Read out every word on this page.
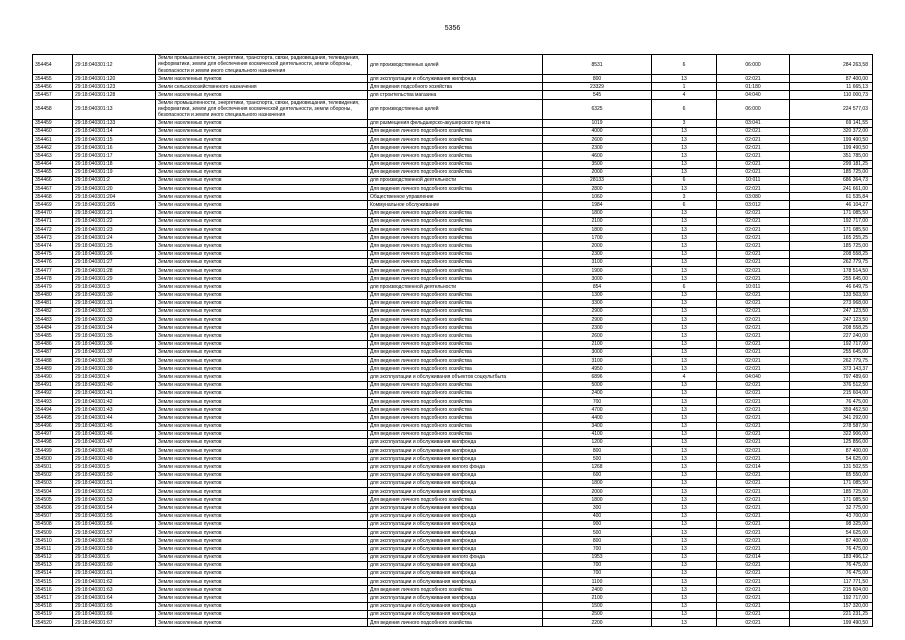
5356
354454	29:18:040301:12	Земли промышленности, энергетики, транспорта, связи, радиовещания, телевидения, информатики, земли для обеспечения космической деятельности, земли обороны, безопасности и земли иного специального назначения	для производственных целей	8531	6	06:000	284 263,58
354455	29:18:040301:120	Земли населенных пунктов	для эксплуатации и обслуживания жилфонда	800	13	02:021	87 400,00
354456	29:18:040301:123	Земли сельскохозяйственного назначения	Для ведения подсобного хозяйства	23329	1	01:180	11 665,13
354457	29:18:040301:128	Земли населенных пунктов	для строительства магазина	545	4	04:040	110 000,73
354458	29:18:040301:13	Земли промышленности, энергетики, транспорта, связи, радиовещания, телевидения, информатики, земли для обеспечения космической деятельности, земли обороны, безопасности и земли иного специального назначения	для производственных целей	6325	6	06:000	224 577,03
354459	29:18:040301:133	Земли населенных пунктов	для размещения фельдшерско-акушерского пункта	1019	3	03:041	69 141,55
354460	29:18:040301:14	Земли населенных пунктов	Для ведения личного подсобного хозяйства	4000	13	02:021	320 372,00
354461	29:18:040301:15	Земли населенных пунктов	Для ведения личного подсобного хозяйства	2600	13	02:021	199 490,50
354462	29:18:040301:16	Земли населенных пунктов	Для ведения личного подсобного хозяйства	2300	13	02:021	199 490,50
354463	29:18:040301:17	Земли населенных пунктов	Для ведения личного подсобного хозяйства	4600	13	02:021	351 785,00
354464	29:18:040301:18	Земли населенных пунктов	Для ведения личного подсобного хозяйства	3500	13	02:021	299 181,25
354465	29:18:040301:19	Земли населенных пунктов	Для ведения личного подсобного хозяйства	2000	13	02:021	185 725,00
354466	29:18:040301:2	Земли населенных пунктов	для производственной деятельности	28133	6	10:011	686 364,73
354467	29:18:040301:20	Земли населенных пунктов	Для ведения личного подсобного хозяйства	2800	13	02:021	241 661,00
354468	29:18:040301:204	Земли населенных пунктов	Общественное управление	1060	3	03:080	61 535,84
354469	29:18:040301:205	Земли населенных пунктов	Коммунальное обслуживание	1984	6	03:012	46 104,27
354470	29:18:040301:21	Земли населенных пунктов	Для ведения личного подсобного хозяйства	1800	13	02:021	171 085,50
354471	29:18:040301:22	Земли населенных пунктов	Для ведения личного подсобного хозяйства	2100	13	02:021	192 717,00
354472	29:18:040301:23	Земли населенных пунктов	Для ведения личного подсобного хозяйства	1800	13	02:021	171 085,50
354473	29:18:040301:24	Земли населенных пунктов	Для ведения личного подсобного хозяйства	1700	13	02:021	165 255,25
354474	29:18:040301:25	Земли населенных пунктов	Для ведения личного подсобного хозяйства	2000	13	02:021	185 725,00
354475	29:18:040301:26	Земли населенных пунктов	Для ведения личного подсобного хозяйства	2300	13	02:021	208 558,25
354476	29:18:040301:27	Земли населенных пунктов	Для ведения личного подсобного хозяйства	3100	13	02:021	262 779,75
354477	29:18:040301:28	Земли населенных пунктов	Для ведения личного подсобного хозяйства	1900	13	02:021	178 514,50
354478	29:18:040301:29	Земли населенных пунктов	Для ведения личного подсобного хозяйства	3000	13	02:021	255 645,00
354479	29:18:040301:3	Земли населенных пунктов	для производственной деятельности	854	6	10:011	46 649,75
354480	29:18:040301:30	Земли населенных пунктов	Для ведения личного подсобного хозяйства	1300	13	02:021	133 503,50
354481	29:18:040301:31	Земли населенных пунктов	Для ведения личного подсобного хозяйства	3300	13	02:021	273 968,00
354482	29:18:040301:32	Земли населенных пунктов	Для ведения личного подсобного хозяйства	2900	13	02:021	247 123,50
354483	29:18:040301:33	Земли населенных пунктов	Для ведения личного подсобного хозяйства	2900	13	02:021	247 123,50
354484	29:18:040301:34	Земли населенных пунктов	Для ведения личного подсобного хозяйства	2300	13	02:021	208 558,25
354485	29:18:040301:35	Земли населенных пунктов	Для ведения личного подсобного хозяйства	2600	13	02:021	227 240,00
354486	29:18:040301:36	Земли населенных пунктов	Для ведения личного подсобного хозяйства	2100	13	02:021	192 717,00
354487	29:18:040301:37	Земли населенных пунктов	Для ведения личного подсобного хозяйства	3000	13	02:021	255 645,00
354488	29:18:040301:38	Земли населенных пунктов	Для ведения личного подсобного хозяйства	3100	13	02:021	262 779,75
354489	29:18:040301:39	Земли населенных пунктов	Для ведения личного подсобного хозяйства	4950	13	02:021	373 143,37
354490	29:18:040301:4	Земли населенных пунктов	для эксплуатации и обслуживания объектов соцкультбыта	6896	4	04:040	797 489,60
354491	29:18:040301:40	Земли населенных пунктов	Для ведения личного подсобного хозяйства	5000	13	02:021	376 512,50
354492	29:18:040301:41	Земли населенных пунктов	Для ведения личного подсобного хозяйства	2400	13	02:021	215 604,00
354493	29:18:040301:42	Земли населенных пунктов	Для ведения личного подсобного хозяйства	700	13	02:021	76 475,00
354494	29:18:040301:43	Земли населенных пунктов	Для ведения личного подсобного хозяйства	4700	13	02:021	359 452,50
354495	29:18:040301:44	Земли населенных пунктов	Для ведения личного подсобного хозяйства	4400	13	02:021	341 292,00
354496	29:18:040301:45	Земли населенных пунктов	Для ведения личного подсобного хозяйства	3400	13	02:021	278 587,50
354497	29:18:040301:46	Земли населенных пунктов	Для ведения личного подсобного хозяйства	4100	13	02:021	322 906,00
354498	29:18:040301:47	Земли населенных пунктов	для эксплуатации и обслуживания жилфонда	1200	13	02:021	125 856,00
354499	29:18:040301:48	Земли населенных пунктов	для эксплуатации и обслуживания жилфонда	800	13	02:021	87 400,00
354500	29:18:040301:49	Земли населенных пунктов	для эксплуатации и обслуживания жилфонда	500	13	02:021	54 625,00
354501	29:18:040301:5	Земли населенных пунктов	для эксплуатации и обслуживания жилого фонда	1268	13	02:014	131 502,55
354502	29:18:040301:50	Земли населенных пунктов	для эксплуатации и обслуживания жилфонда	600	13	02:021	65 550,00
354503	29:18:040301:51	Земли населенных пунктов	для эксплуатации и обслуживания жилфонда	1800	13	02:021	171 085,50
354504	29:18:040301:52	Земли населенных пунктов	для эксплуатации и обслуживания жилфонда	2000	13	02:021	185 725,00
354505	29:18:040301:53	Земли населенных пунктов	Для ведения личного подсобного хозяйства	1800	13	02:021	171 085,50
354506	29:18:040301:54	Земли населенных пунктов	для эксплуатации и обслуживания жилфонда	300	13	02:021	32 775,00
354507	29:18:040301:55	Земли населенных пунктов	для эксплуатации и обслуживания жилфонда	400	13	02:021	43 700,00
354508	29:18:040301:56	Земли населенных пунктов	для эксплуатации и обслуживания жилфонда	900	13	02:021	98 325,00
354509	29:18:040301:57	Земли населенных пунктов	для эксплуатации и обслуживания жилфонда	500	13	02:021	54 625,00
354510	29:18:040301:58	Земли населенных пунктов	для эксплуатации и обслуживания жилфонда	800	13	02:021	87 400,00
354511	29:18:040301:59	Земли населенных пунктов	для эксплуатации и обслуживания жилфонда	700	13	02:021	76 475,00
354512	29:18:040301:6	Земли населенных пунктов	для эксплуатации и обслуживания жилого фонда	1953	13	02:014	183 496,12
354513	29:18:040301:60	Земли населенных пунктов	для эксплуатации и обслуживания жилфонда	700	13	02:021	76 475,00
354514	29:18:040301:61	Земли населенных пунктов	для эксплуатации и обслуживания жилфонда	700	13	02:021	76 475,00
354515	29:18:040301:62	Земли населенных пунктов	для эксплуатации и обслуживания жилфонда	1100	13	02:021	117 771,50
354516	29:18:040301:63	Земли населенных пунктов	Для ведения личного подсобного хозяйства	2400	13	02:021	215 604,00
354517	29:18:040301:64	Земли населенных пунктов	для эксплуатации и обслуживания жилфонда	2100	13	02:021	192 717,00
354518	29:18:040301:65	Земли населенных пунктов	для эксплуатации и обслуживания жилфонда	1500	13	02:021	157 320,00
354519	29:18:040301:66	Земли населенных пунктов	для эксплуатации и обслуживания жилфонда	2500	13	02:021	221 231,25
354520	29:18:040301:67	Земли населенных пунктов	Для ведения личного подсобного хозяйства	2200	13	02:021	199 490,50
